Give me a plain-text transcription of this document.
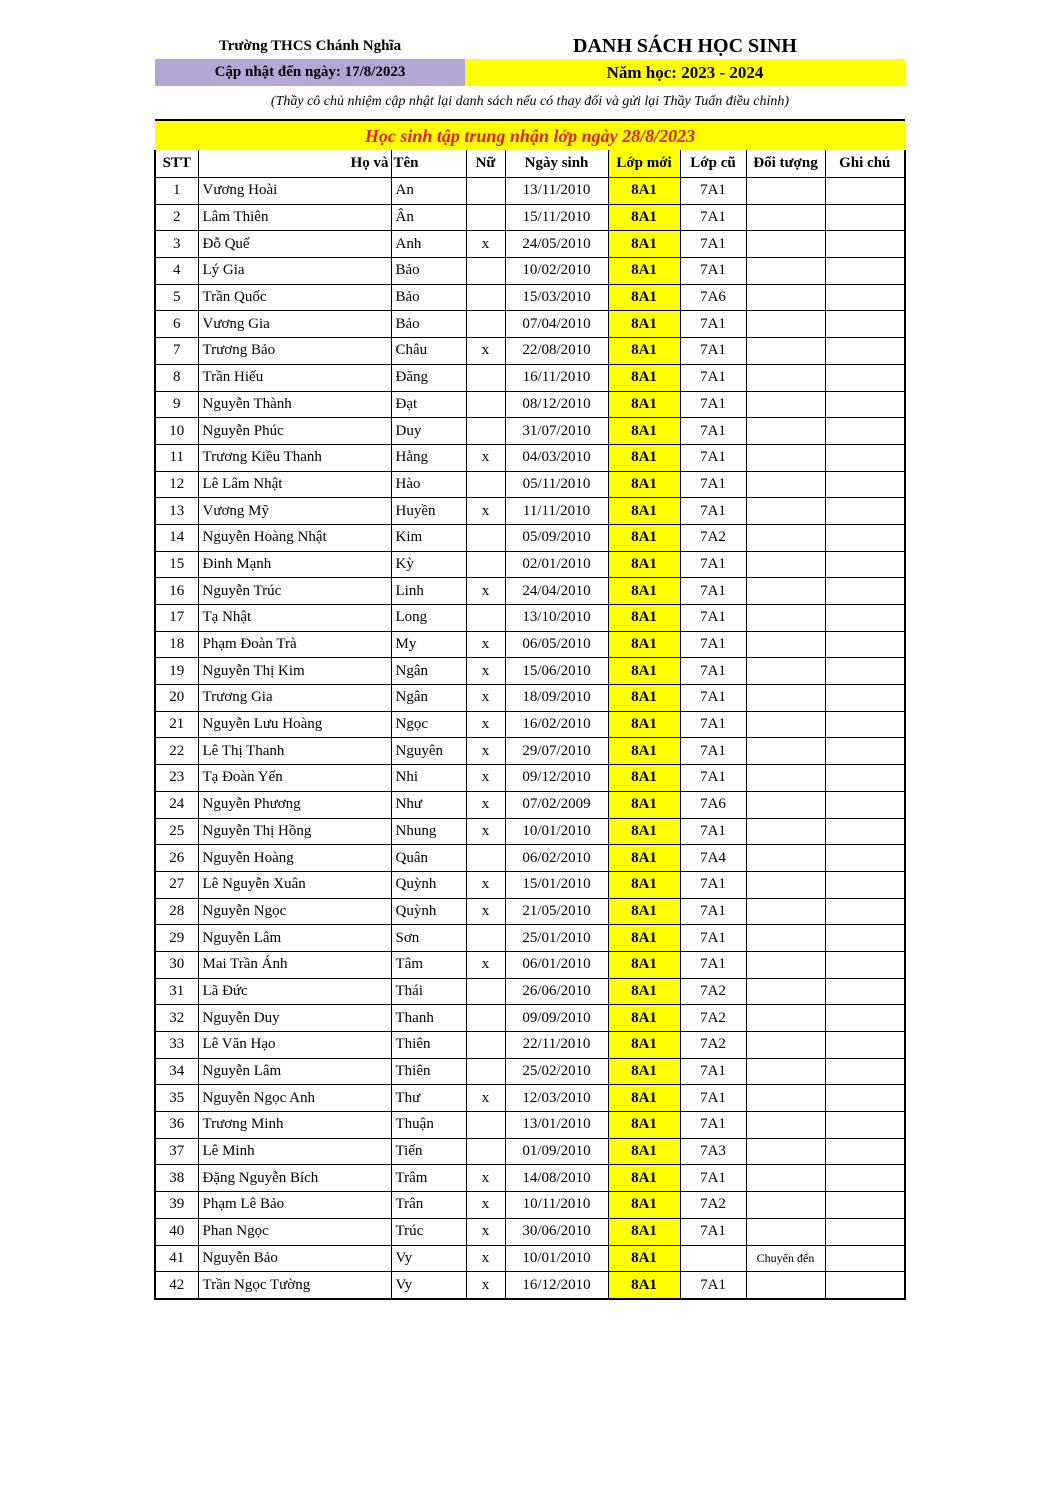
Trường THCS Chánh Nghĩa	DANH SÁCH HỌC SINH
Cập nhật đến ngày: 17/8/2023	Năm học: 2023 - 2024
(Thầy cô chủ nhiệm cập nhật lại danh sách nếu có thay đổi và gửi lại Thầy Tuấn điều chỉnh)
Học sinh tập trung nhận lớp ngày 28/8/2023
STT	Họ và	Tên	Nữ	Ngày sinh	Lớp mới	Lớp cũ	Đối tượng	Ghi chú
1	Vương Hoài	An		13/11/2010	8A1	7A1		
2	Lâm Thiên	Ân		15/11/2010	8A1	7A1		
3	Đỗ Quế	Anh	x	24/05/2010	8A1	7A1		
4	Lý Gia	Bảo		10/02/2010	8A1	7A1		
5	Trần Quốc	Bảo		15/03/2010	8A1	7A6		
6	Vương Gia	Bảo		07/04/2010	8A1	7A1		
7	Trương Bảo	Châu	x	22/08/2010	8A1	7A1		
8	Trần Hiếu	Đăng		16/11/2010	8A1	7A1		
9	Nguyễn Thành	Đạt		08/12/2010	8A1	7A1		
10	Nguyễn Phúc	Duy		31/07/2010	8A1	7A1		
11	Trương Kiều Thanh	Hằng	x	04/03/2010	8A1	7A1		
12	Lê Lâm Nhật	Hào		05/11/2010	8A1	7A1		
13	Vương Mỹ	Huyền	x	11/11/2010	8A1	7A1		
14	Nguyễn Hoàng Nhật	Kim		05/09/2010	8A1	7A2		
15	Đinh Mạnh	Kỳ		02/01/2010	8A1	7A1		
16	Nguyễn Trúc	Linh	x	24/04/2010	8A1	7A1		
17	Tạ Nhật	Long		13/10/2010	8A1	7A1		
18	Phạm Đoàn Trà	My	x	06/05/2010	8A1	7A1		
19	Nguyễn Thị Kim	Ngân	x	15/06/2010	8A1	7A1		
20	Trương Gia	Ngân	x	18/09/2010	8A1	7A1		
21	Nguyễn Lưu Hoàng	Ngọc	x	16/02/2010	8A1	7A1		
22	Lê Thị Thanh	Nguyên	x	29/07/2010	8A1	7A1		
23	Tạ Đoàn Yến	Nhi	x	09/12/2010	8A1	7A1		
24	Nguyễn Phương	Như	x	07/02/2009	8A1	7A6		
25	Nguyễn Thị Hồng	Nhung	x	10/01/2010	8A1	7A1		
26	Nguyễn Hoàng	Quân		06/02/2010	8A1	7A4		
27	Lê Nguyễn Xuân	Quỳnh	x	15/01/2010	8A1	7A1		
28	Nguyễn Ngọc	Quỳnh	x	21/05/2010	8A1	7A1		
29	Nguyễn Lâm	Sơn		25/01/2010	8A1	7A1		
30	Mai Trần Ánh	Tâm	x	06/01/2010	8A1	7A1		
31	Lã Đức	Thái		26/06/2010	8A1	7A2		
32	Nguyễn Duy	Thanh		09/09/2010	8A1	7A2		
33	Lê Văn Hạo	Thiên		22/11/2010	8A1	7A2		
34	Nguyễn Lâm	Thiên		25/02/2010	8A1	7A1		
35	Nguyễn Ngọc Anh	Thư	x	12/03/2010	8A1	7A1		
36	Trương Minh	Thuận		13/01/2010	8A1	7A1		
37	Lê Minh	Tiến		01/09/2010	8A1	7A3		
38	Đặng Nguyễn Bích	Trâm	x	14/08/2010	8A1	7A1		
39	Phạm Lê Bảo	Trân	x	10/11/2010	8A1	7A2		
40	Phan Ngọc	Trúc	x	30/06/2010	8A1	7A1		
41	Nguyễn Bảo	Vy	x	10/01/2010	8A1		Chuyển đến	
42	Trần Ngọc Tường	Vy	x	16/12/2010	8A1	7A1		
